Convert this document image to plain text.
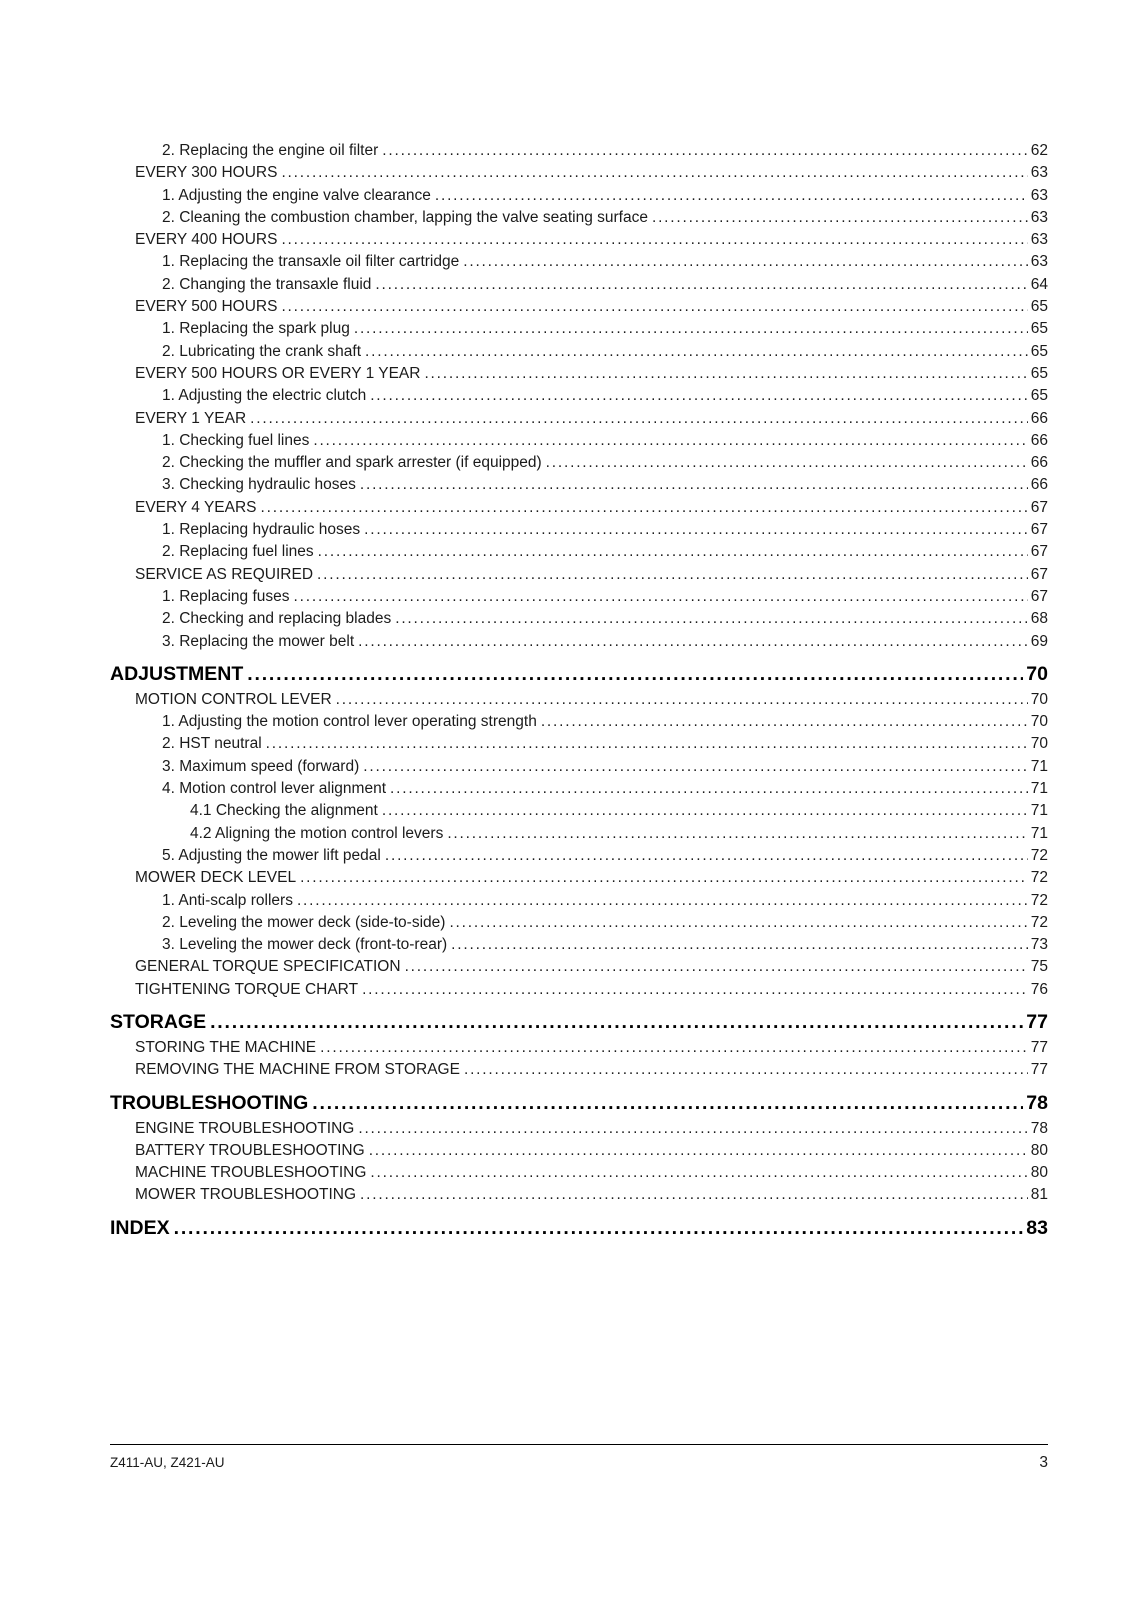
2. Replacing the engine oil filter .....	62
EVERY 300 HOURS .....	63
1. Adjusting the engine valve clearance .....	63
2. Cleaning the combustion chamber, lapping the valve seating surface .....	63
EVERY 400 HOURS .....	63
1. Replacing the transaxle oil filter cartridge .....	63
2. Changing the transaxle fluid .....	64
EVERY 500 HOURS .....	65
1. Replacing the spark plug .....	65
2. Lubricating the crank shaft .....	65
EVERY 500 HOURS OR EVERY 1 YEAR .....	65
1. Adjusting the electric clutch .....	65
EVERY 1 YEAR .....	66
1. Checking fuel lines .....	66
2. Checking the muffler and spark arrester (if equipped) .....	66
3. Checking hydraulic hoses .....	66
EVERY 4 YEARS .....	67
1. Replacing hydraulic hoses .....	67
2. Replacing fuel lines .....	67
SERVICE AS REQUIRED .....	67
1. Replacing fuses .....	67
2. Checking and replacing blades .....	68
3. Replacing the mower belt .....	69
ADJUSTMENT .....	70
MOTION CONTROL LEVER .....	70
1. Adjusting the motion control lever operating strength .....	70
2. HST neutral .....	70
3. Maximum speed (forward) .....	71
4. Motion control lever alignment .....	71
4.1 Checking the alignment .....	71
4.2 Aligning the motion control levers .....	71
5. Adjusting the mower lift pedal .....	72
MOWER DECK LEVEL .....	72
1. Anti-scalp rollers .....	72
2. Leveling the mower deck (side-to-side) .....	72
3. Leveling the mower deck (front-to-rear) .....	73
GENERAL TORQUE SPECIFICATION .....	75
TIGHTENING TORQUE CHART .....	76
STORAGE .....	77
STORING THE MACHINE .....	77
REMOVING THE MACHINE FROM STORAGE .....	77
TROUBLESHOOTING .....	78
ENGINE TROUBLESHOOTING .....	78
BATTERY TROUBLESHOOTING .....	80
MACHINE TROUBLESHOOTING .....	80
MOWER TROUBLESHOOTING .....	81
INDEX .....	83
Z411-AU, Z421-AU	3
